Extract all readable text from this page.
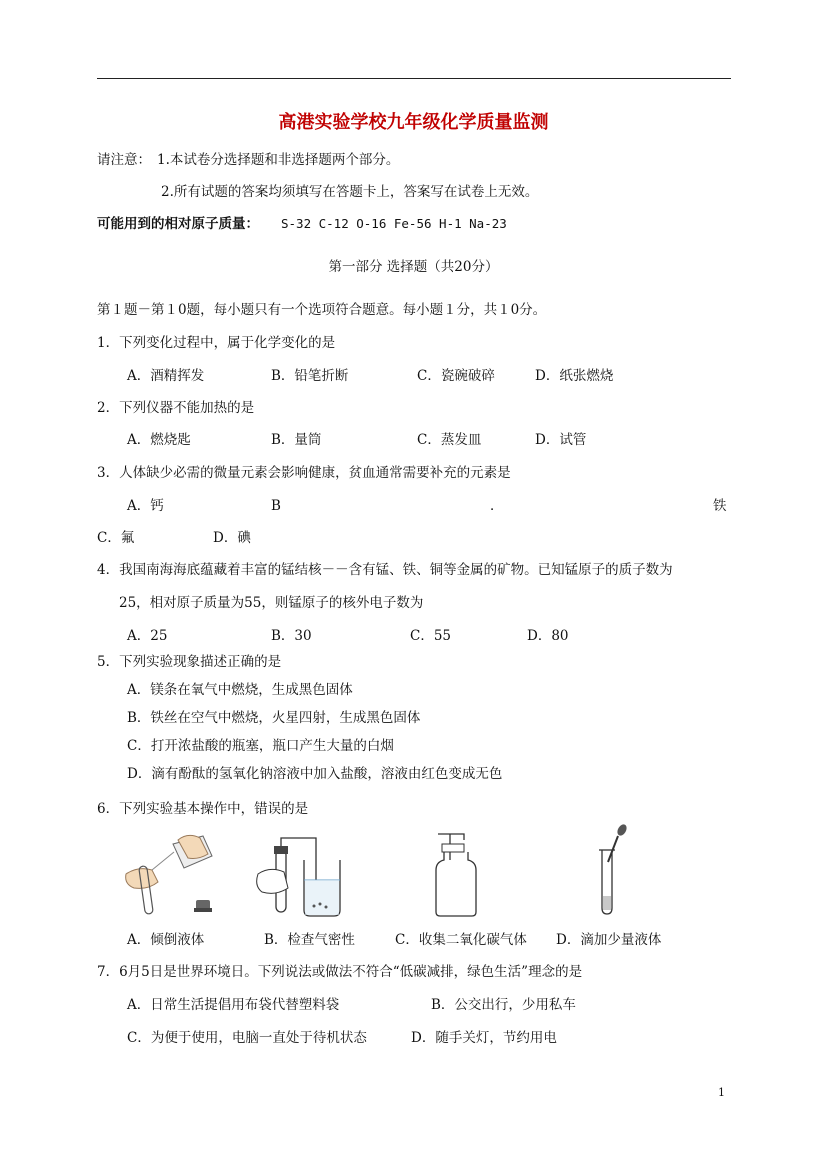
高港实验学校九年级化学质量监测
请注意： 1.本试卷分选择题和非选择题两个部分。
2.所有试题的答案均须填写在答题卡上，答案写在试卷上无效。
可能用到的相对原子质量： S-32 C-12 O-16 Fe-56 H-1 Na-23
第一部分 选择题（共20分）
第１题－第１0题，每小题只有一个选项符合题意。每小题１分，共１0分。
1．下列变化过程中，属于化学变化的是
A．酒精挥发	B．铅笔折断	C．瓷碗破碎	D．纸张燃烧
2．下列仪器不能加热的是
A．燃烧匙	B．量筒	C．蒸发皿	D．试管
3．人体缺少必需的微量元素会影响健康，贫血通常需要补充的元素是
A．钙	B	．	铁
C．氟	D．碘
4．我国南海海底蕴藏着丰富的锰结核－－含有锰、铁、铜等金属的矿物。已知锰原子的质子数为
25，相对原子质量为55，则锰原子的核外电子数为
A．25	B．30	C．55	D．80
5．下列实验现象描述正确的是
A．镁条在氧气中燃烧，生成黑色固体
B．铁丝在空气中燃烧，火星四射，生成黑色固体
C．打开浓盐酸的瓶塞，瓶口产生大量的白烟
D．滴有酚酞的氢氧化钠溶液中加入盐酸，溶液由红色变成无色
6．下列实验基本操作中，错误的是
A．倾倒液体	B．检查气密性	C．收集二氧化碳气体 D．滴加少量液体
7．6月5日是世界环境日。下列说法或做法不符合“低碳减排，绿色生活”理念的是
A．日常生活提倡用布袋代替塑料袋	B．公交出行，少用私车
C．为便于使用，电脑一直处于待机状态	D．随手关灯，节约用电
1
